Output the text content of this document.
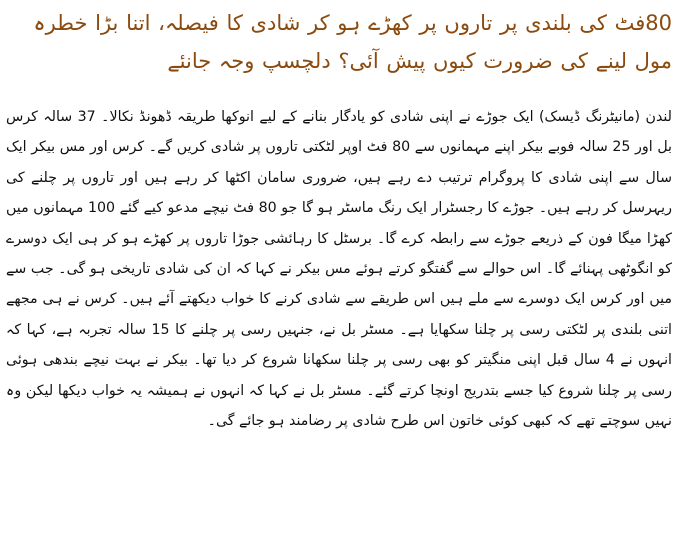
80فٹ کی بلندی پر تاروں پر کھڑے ہو کر شادی کا فیصلہ، اتنا بڑا خطرہ مول لینے کی ضرورت کیوں پیش آئی؟ دلچسپ وجہ جانئے

لندن (مانیٹرنگ ڈیسک) ایک جوڑے نے اپنی شادی کو یادگار بنانے کے لیے انوکھا طریقہ ڈھونڈ نکالا۔ 37 سالہ کرس بل اور 25 سالہ فوبے بیکر اپنے مہمانوں سے 80 فٹ اوپر لٹکتی تاروں پر شادی کریں گے۔ کرس اور مس بیکر ایک سال سے اپنی شادی کا پروگرام ترتیب دے رہے ہیں، ضروری سامان اکٹھا کر رہے ہیں اور تاروں پر چلنے کی ریہرسل کر رہے ہیں۔ جوڑے کا رجسٹرار ایک رنگ ماسٹر ہو گا جو 80 فٹ نیچے مدعو کیے گئے 100 مہمانوں میں کھڑا میگا فون کے ذریعے جوڑے سے رابطہ کرے گا۔ برسٹل کا رہائشی جوڑا تاروں پر کھڑے ہو کر ہی ایک دوسرے کو انگوٹھی پہنائے گا۔ اس حوالے سے گفتگو کرتے ہوئے مس بیکر نے کہا کہ ان کی شادی تاریخی ہو گی۔ جب سے میں اور کرس ایک دوسرے سے ملے ہیں اس طریقے سے شادی کرنے کا خواب دیکھتے آئے ہیں۔ کرس نے ہی مجھے اتنی بلندی پر لٹکتی رسی پر چلنا سکھایا ہے۔ مسٹر بل نے، جنہیں رسی پر چلنے کا 15 سالہ تجربہ ہے، کہا کہ انہوں نے 4 سال قبل اپنی منگیتر کو بھی رسی پر چلنا سکھانا شروع کر دیا تھا۔ بیکر نے بہت نیچے بندھی ہوئی رسی پر چلنا شروع کیا جسے بتدریج اونچا کرتے گئے۔ مسٹر بل نے کہا کہ انہوں نے ہمیشہ یہ خواب دیکھا لیکن وہ نہیں سوچتے تھے کہ کبھی کوئی خاتون اس طرح شادی پر رضامند ہو جائے گی۔
